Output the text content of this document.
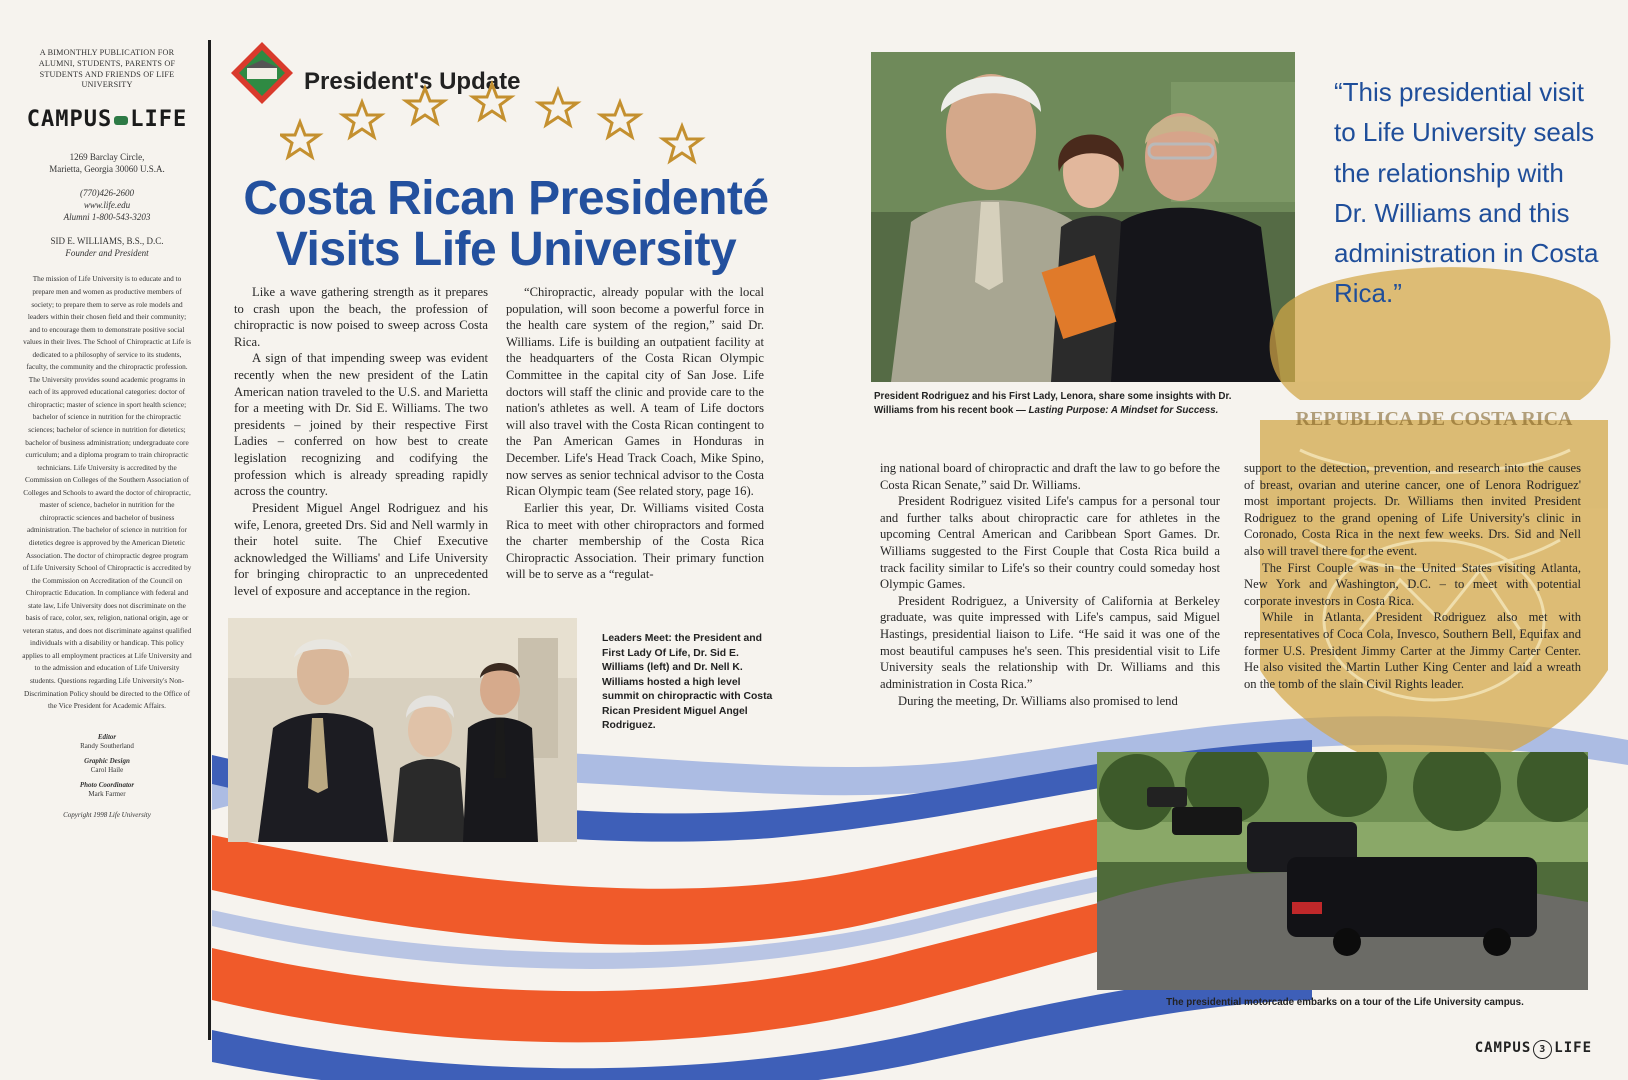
A BIMONTHLY PUBLICATION FOR ALUMNI, STUDENTS, PARENTS OF STUDENTS AND FRIENDS OF LIFE UNIVERSITY
CAMPUS LIFE
1269 Barclay Circle,
Marietta, Georgia 30060 U.S.A.
(770)426-2600
www.life.edu
Alumni 1-800-543-3203
SID E. WILLIAMS, B.S., D.C.
Founder and President
The mission of Life University is to educate and to prepare men and women as productive members of society; to prepare them to serve as role models and leaders within their chosen field and their community; and to encourage them to demonstrate positive social values in their lives. The School of Chiropractic at Life is dedicated to a philosophy of service to its students, faculty, the community and the chiropractic profession. The University provides sound academic programs in each of its approved educational categories: doctor of chiropractic; master of science in sport health science; bachelor of science in nutrition for the chiropractic sciences; bachelor of science in nutrition for dietetics; bachelor of business administration; undergraduate core curriculum; and a diploma program to train chiropractic technicians. Life University is accredited by the Commission on Colleges of the Southern Association of Colleges and Schools to award the doctor of chiropractic, master of science, bachelor in nutrition for the chiropractic sciences and bachelor of business administration. The bachelor of science in nutrition for dietetics degree is approved by the American Dietetic Association. The doctor of chiropractic degree program of Life University School of Chiropractic is accredited by the Commission on Accreditation of the Council on Chiropractic Education. In compliance with federal and state law, Life University does not discriminate on the basis of race, color, sex, religion, national origin, age or veteran status, and does not discriminate against qualified individuals with a disability or handicap. This policy applies to all employment practices at Life University and to the admission and education of Life University students. Questions regarding Life University's Non-Discrimination Policy should be directed to the Office of the Vice President for Academic Affairs.
Editor
Randy Southerland
Graphic Design
Carol Haile
Photo Coordinator
Mark Farmer
Copyright 1998 Life University
President's Update
Costa Rican Presidenté
Visits Life University

Like a wave gathering strength as it prepares to crash upon the beach, the profession of chiropractic is now poised to sweep across Costa Rica.

A sign of that impending sweep was evident recently when the new president of the Latin American nation traveled to the U.S. and Marietta for a meeting with Dr. Sid E. Williams. The two presidents – joined by their respective First Ladies – conferred on how best to create legislation recognizing and codifying the profession which is already spreading rapidly across the country.

President Miguel Angel Rodriguez and his wife, Lenora, greeted Drs. Sid and Nell warmly in their hotel suite. The Chief Executive acknowledged the Williams' and Life University for bringing chiropractic to an unprecedented level of exposure and acceptance in the region.

“Chiropractic, already popular with the local population, will soon become a powerful force in the health care system of the region,” said Dr. Williams. Life is building an outpatient facility at the headquarters of the Costa Rican Olympic Committee in the capital city of San Jose. Life doctors will staff the clinic and provide care to the nation's athletes as well. A team of Life doctors will also travel with the Costa Rican contingent to the Pan American Games in Honduras in December. Life's Head Track Coach, Mike Spino, now serves as senior technical advisor to the Costa Rican Olympic team (See related story, page 16).

Earlier this year, Dr. Williams visited Costa Rica to meet with other chiropractors and formed the charter membership of the Costa Rica Chiropractic Association. Their primary function will be to serve as a “regulat-

Leaders Meet: the President and First Lady Of Life, Dr. Sid E. Williams (left) and Dr. Nell K. Williams hosted a high level summit on chiropractic with Costa Rican President Miguel Angel Rodriguez.
President Rodriguez and his First Lady, Lenora, share some insights with Dr. Williams from his recent book — Lasting Purpose: A Mindset for Success.	REPUBLICA DE COSTA RICA
“This presidential visit to Life University seals the relationship with Dr. Williams and this administration in Costa Rica.”

ing national board of chiropractic and draft the law to go before the Costa Rican Senate,” said Dr. Williams.

President Rodriguez visited Life's campus for a personal tour and further talks about chiropractic care for athletes in the upcoming Central American and Caribbean Sport Games. Dr. Williams suggested to the First Couple that Costa Rica build a track facility similar to Life's so their country could someday host Olympic Games.

President Rodriguez, a University of California at Berkeley graduate, was quite impressed with Life's campus, said Miguel Hastings, presidential liaison to Life. “He said it was one of the most beautiful campuses he's seen. This presidential visit to Life University seals the relationship with Dr. Williams and this administration in Costa Rica.”

During the meeting, Dr. Williams also promised to lend

support to the detection, prevention, and research into the causes of breast, ovarian and uterine cancer, one of Lenora Rodriguez' most important projects. Dr. Williams then invited President Rodriguez to the grand opening of Life University's clinic in Coronado, Costa Rica in the next few weeks. Drs. Sid and Nell also will travel there for the event.

The First Couple was in the United States visiting Atlanta, New York and Washington, D.C. – to meet with potential corporate investors in Costa Rica.

While in Atlanta, President Rodriguez also met with representatives of Coca Cola, Invesco, Southern Bell, Equifax and former U.S. President Jimmy Carter at the Jimmy Carter Center. He also visited the Martin Luther King Center and laid a wreath on the tomb of the slain Civil Rights leader.

The presidential motorcade embarks on a tour of the Life University campus.
CAMPUS 3 LIFE
